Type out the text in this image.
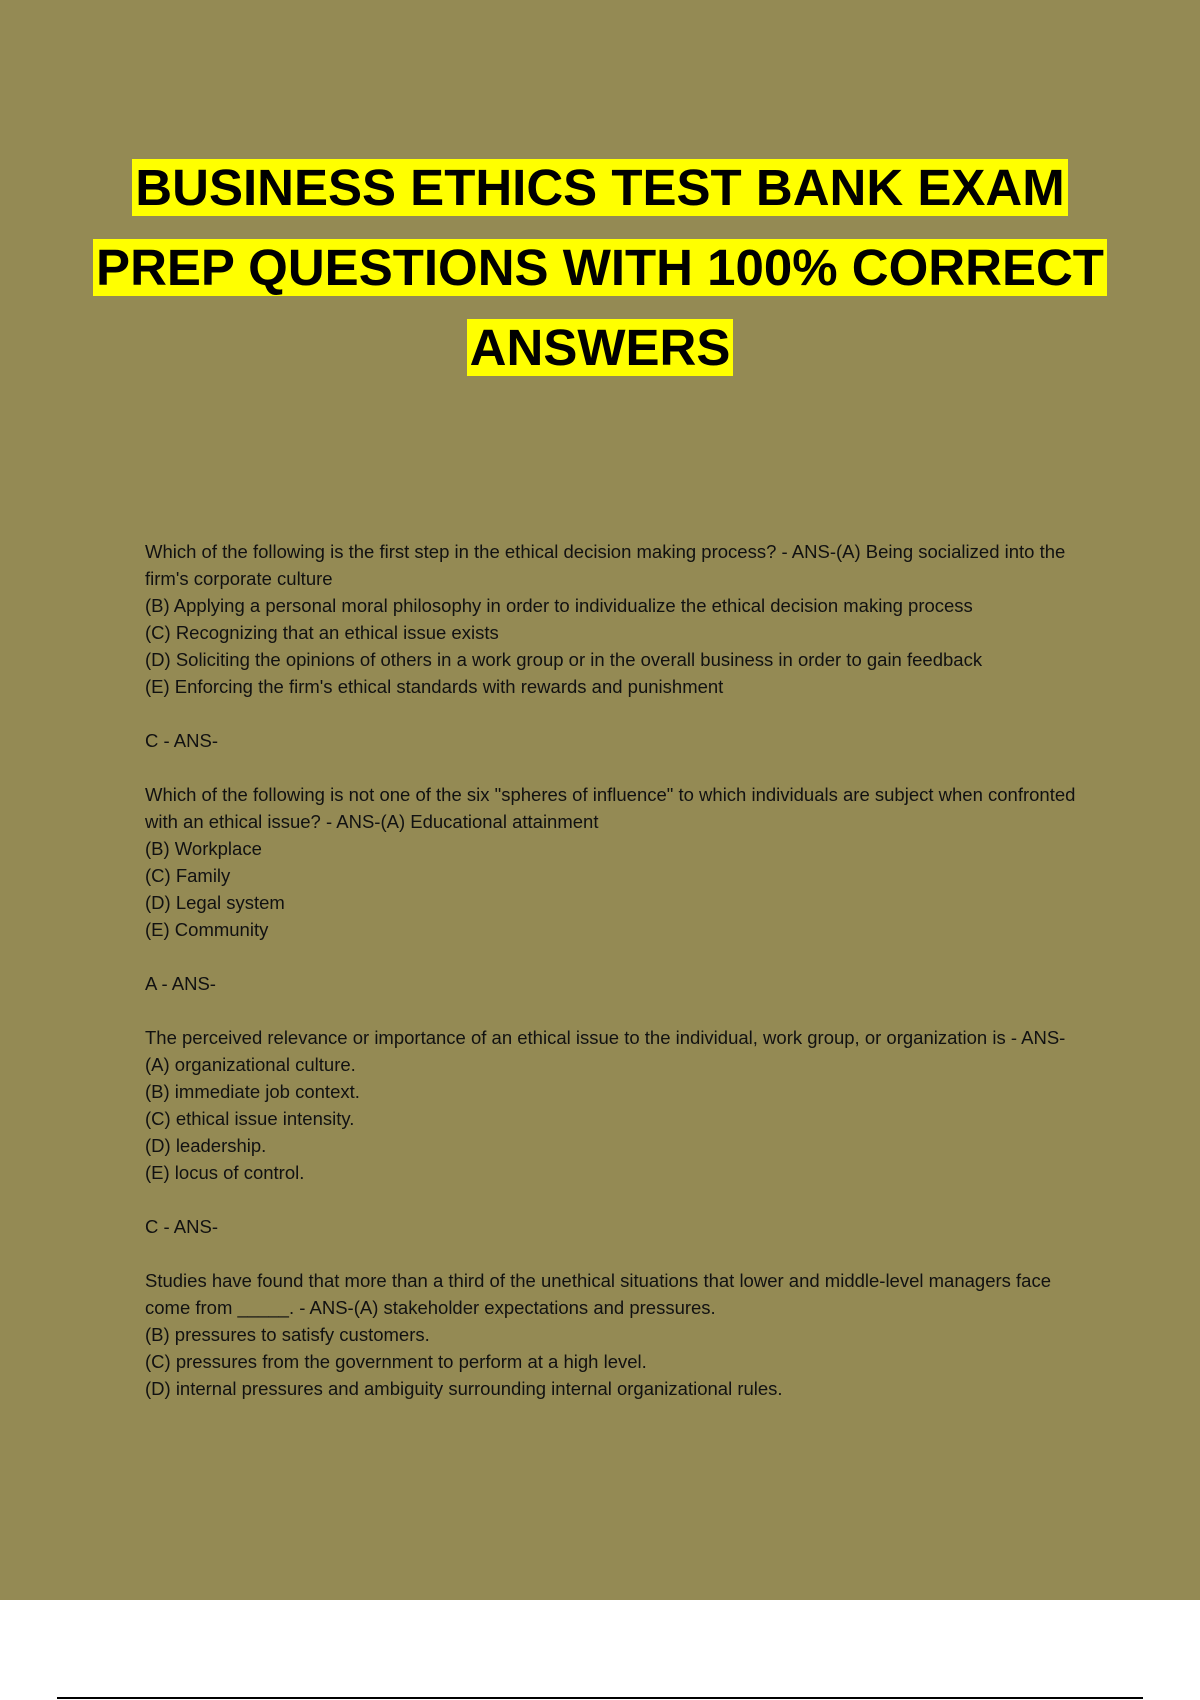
BUSINESS ETHICS TEST BANK EXAM
PREP QUESTIONS WITH 100% CORRECT
ANSWERS
Which of the following is the first step in the ethical decision making process? - ANS-(A) Being socialized into the firm's corporate culture
(B) Applying a personal moral philosophy in order to individualize the ethical decision making process
(C) Recognizing that an ethical issue exists
(D) Soliciting the opinions of others in a work group or in the overall business in order to gain feedback
(E) Enforcing the firm's ethical standards with rewards and punishment
C - ANS-
Which of the following is not one of the six "spheres of influence" to which individuals are subject when confronted with an ethical issue? - ANS-(A) Educational attainment
(B) Workplace
(C) Family
(D) Legal system
(E) Community
A - ANS-
The perceived relevance or importance of an ethical issue to the individual, work group, or organization is - ANS-(A) organizational culture.
(B) immediate job context.
(C) ethical issue intensity.
(D) leadership.
(E) locus of control.
C - ANS-
Studies have found that more than a third of the unethical situations that lower and middle-level managers face come from _____. - ANS-(A) stakeholder expectations and pressures.
(B) pressures to satisfy customers.
(C) pressures from the government to perform at a high level.
(D) internal pressures and ambiguity surrounding internal organizational rules.
